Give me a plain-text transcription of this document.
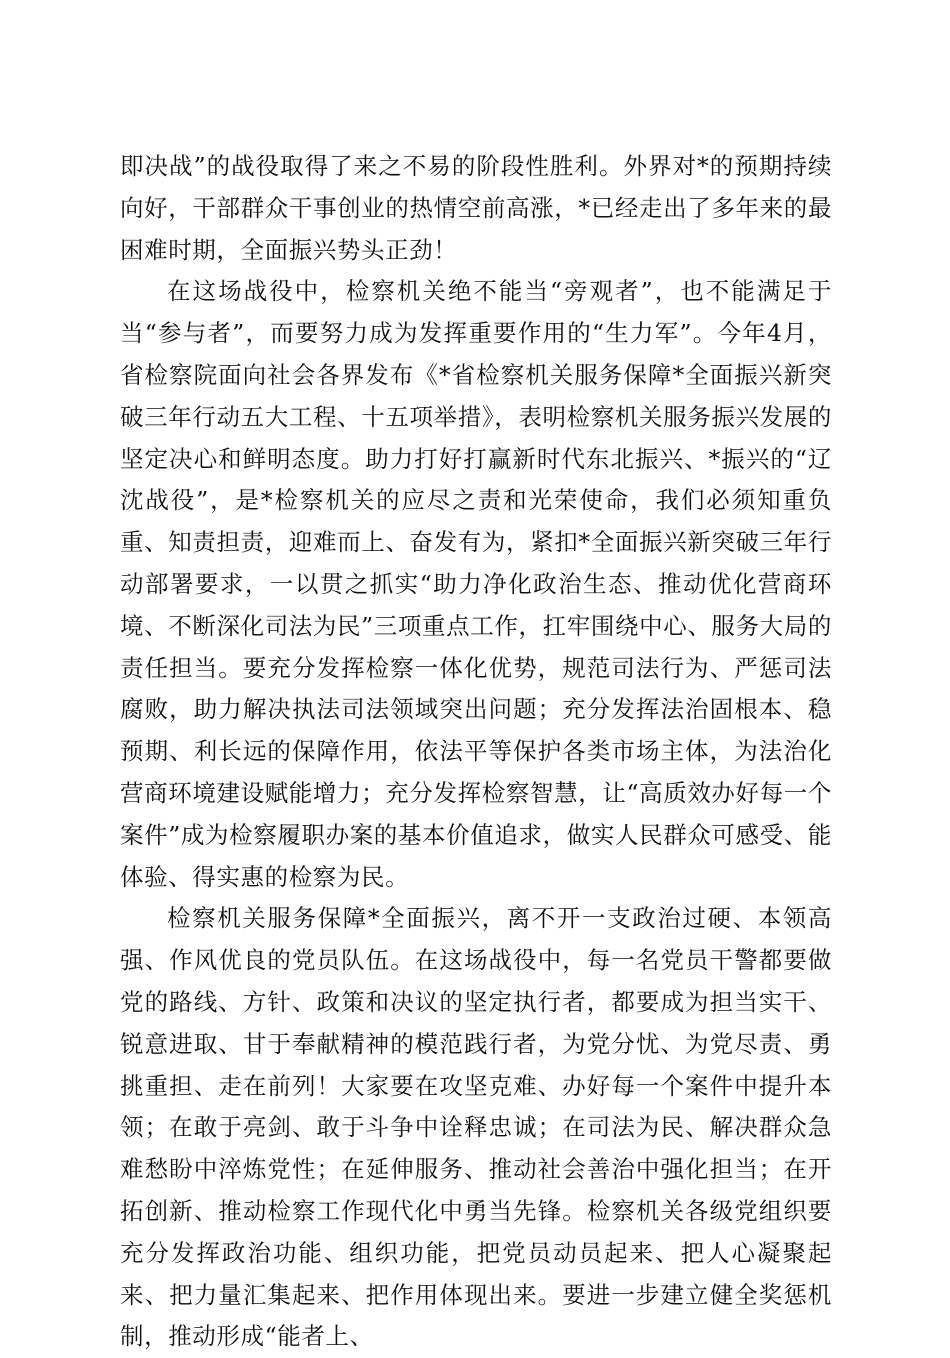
即决战”的战役取得了来之不易的阶段性胜利。外界对*的预期持续向好，干部群众干事创业的热情空前高涨，*已经走出了多年来的最困难时期，全面振兴势头正劲！

在这场战役中，检察机关绝不能当“旁观者”，也不能满足于当“参与者”，而要努力成为发挥重要作用的“生力军”。今年4月，省检察院面向社会各界发布《*省检察机关服务保障*全面振兴新突破三年行动五大工程、十五项举措》，表明检察机关服务振兴发展的坚定决心和鲜明态度。助力打好打赢新时代东北振兴、*振兴的“辽沈战役”，是*检察机关的应尽之责和光荣使命，我们必须知重负重、知责担责，迎难而上、奋发有为，紧扣*全面振兴新突破三年行动部署要求，一以贯之抓实“助力净化政治生态、推动优化营商环境、不断深化司法为民”三项重点工作，扛牢围绕中心、服务大局的责任担当。要充分发挥检察一体化优势，规范司法行为、严惩司法腐败，助力解决执法司法领域突出问题；充分发挥法治固根本、稳预期、利长远的保障作用，依法平等保护各类市场主体，为法治化营商环境建设赋能增力；充分发挥检察智慧，让“高质效办好每一个案件”成为检察履职办案的基本价值追求，做实人民群众可感受、能体验、得实惠的检察为民。

检察机关服务保障*全面振兴，离不开一支政治过硬、本领高强、作风优良的党员队伍。在这场战役中，每一名党员干警都要做党的路线、方针、政策和决议的坚定执行者，都要成为担当实干、锐意进取、甘于奉献精神的模范践行者，为党分忧、为党尽责、勇挑重担、走在前列！大家要在攻坚克难、办好每一个案件中提升本领；在敢于亮剑、敢于斗争中诠释忠诚；在司法为民、解决群众急难愁盼中淬炼党性；在延伸服务、推动社会善治中强化担当；在开拓创新、推动检察工作现代化中勇当先锋。检察机关各级党组织要充分发挥政治功能、组织功能，把党员动员起来、把人心凝聚起来、把力量汇集起来、把作用体现出来。要进一步建立健全奖惩机制，推动形成“能者上、
